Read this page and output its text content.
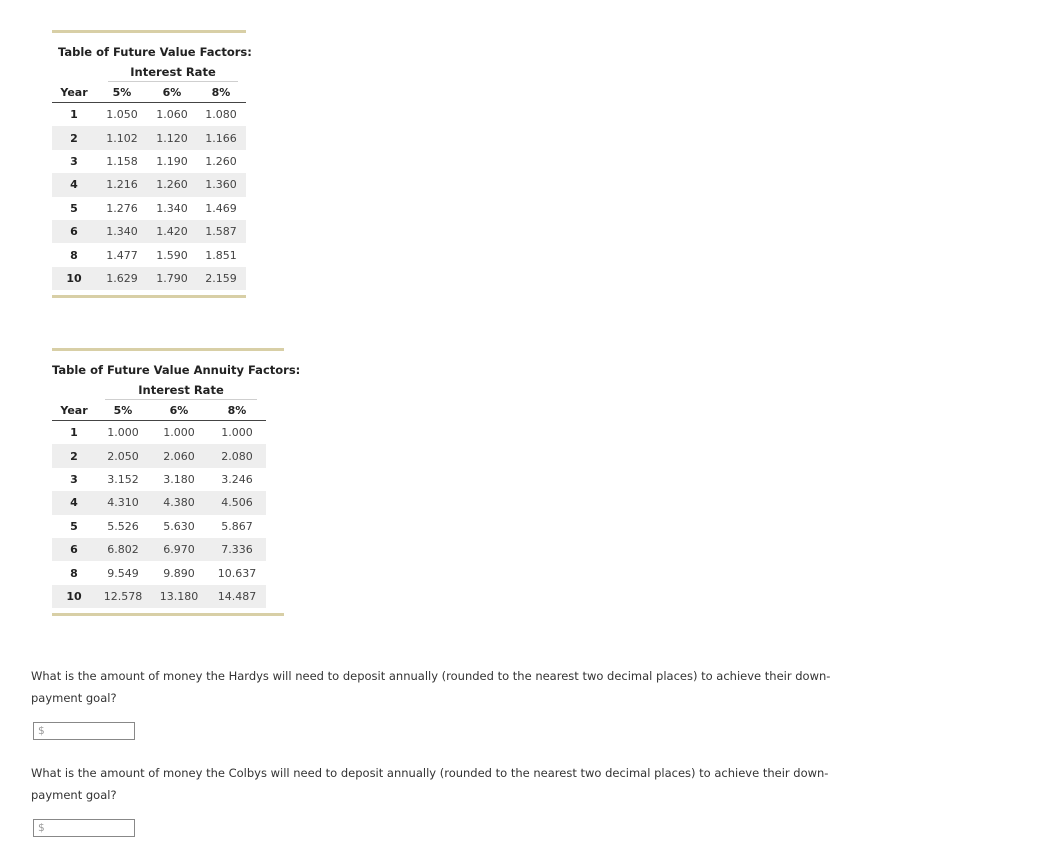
Table of Future Value Factors:
Interest Rate
Year	5%	6%	8%
1	1.050	1.060	1.080
2	1.102	1.120	1.166
3	1.158	1.190	1.260
4	1.216	1.260	1.360
5	1.276	1.340	1.469
6	1.340	1.420	1.587
8	1.477	1.590	1.851
10	1.629	1.790	2.159
Table of Future Value Annuity Factors:
Interest Rate
Year	5%	6%	8%
1	1.000	1.000	1.000
2	2.050	2.060	2.080
3	3.152	3.180	3.246
4	4.310	4.380	4.506
5	5.526	5.630	5.867
6	6.802	6.970	7.336
8	9.549	9.890	10.637
10	12.578	13.180	14.487
What is the amount of money the Hardys will need to deposit annually (rounded to the nearest two decimal places) to achieve their down-payment goal?
$
What is the amount of money the Colbys will need to deposit annually (rounded to the nearest two decimal places) to achieve their down-payment goal?
$
